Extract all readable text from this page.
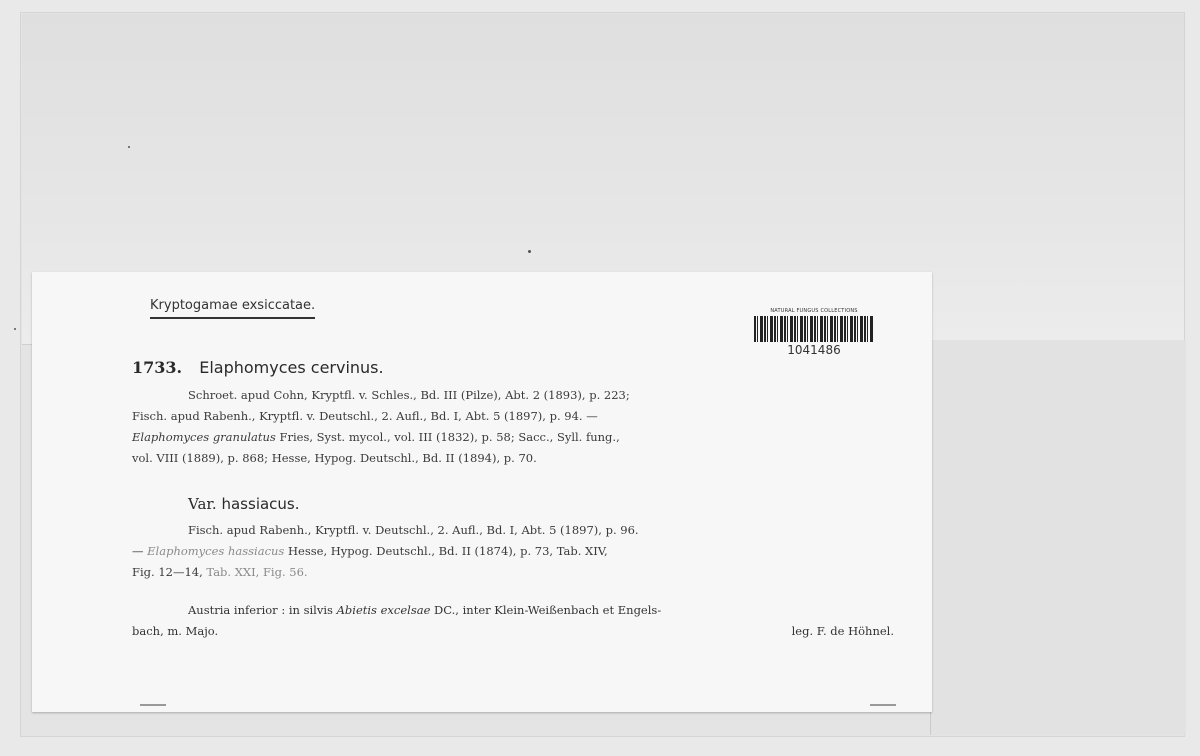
Kryptogamae exsiccatae.	NATURAL FUNGUS COLLECTIONS
1041486
1733. Elaphomyces cervinus.
Schroet. apud Cohn, Kryptfl. v. Schles., Bd. III (Pilze), Abt. 2 (1893), p. 223;
Fisch. apud Rabenh., Kryptfl. v. Deutschl., 2. Aufl., Bd. I, Abt. 5 (1897), p. 94. —
Elaphomyces granulatus Fries, Syst. mycol., vol. III (1832), p. 58; Sacc., Syll. fung.,
vol. VIII (1889), p. 868; Hesse, Hypog. Deutschl., Bd. II (1894), p. 70.
Var. hassiacus.
Fisch. apud Rabenh., Kryptfl. v. Deutschl., 2. Aufl., Bd. I, Abt. 5 (1897), p. 96.
— Elaphomyces hassiacus Hesse, Hypog. Deutschl., Bd. II (1874), p. 73, Tab. XIV,
Fig. 12—14, Tab. XXI, Fig. 56.
Austria inferior : in silvis Abietis excelsae DC., inter Klein-Weißenbach et Engels-
bach, m. Majo.	leg. F. de Höhnel.
